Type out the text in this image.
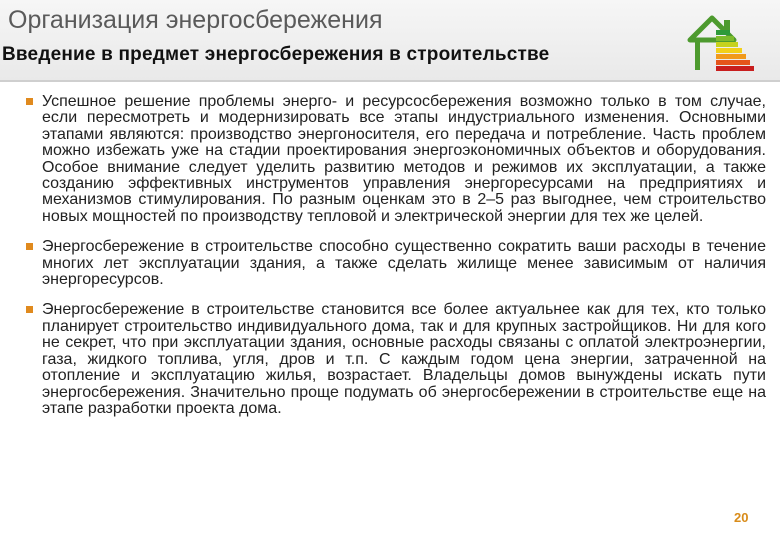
Организация энергосбережения
Введение в предмет энергосбережения в строительстве
Успешное решение проблемы энерго- и ресурсосбережения возможно только в том случае, если пересмотреть и модернизировать все этапы индустриального изменения. Основными этапами являются: производство энергоносителя, его передача и потребление. Часть проблем можно избежать уже на стадии проектирования энергоэкономичных объектов и оборудования. Особое внимание следует уделить развитию методов и режимов их эксплуатации, а также созданию эффективных инструментов управления энергоресурсами на предприятиях и механизмов стимулирования. По разным оценкам это в 2–5 раз выгоднее, чем строительство новых мощностей по производству тепловой и электрической энергии для тех же целей.
Энергосбережение в строительстве способно существенно сократить ваши расходы в течение многих лет эксплуатации здания, а также сделать жилище менее зависимым от наличия энергоресурсов.
Энергосбережение в строительстве становится все более актуальнее как для тех, кто только планирует строительство индивидуального дома, так и для крупных застройщиков. Ни для кого не секрет, что при эксплуатации здания, основные расходы связаны с оплатой электроэнергии, газа, жидкого топлива, угля, дров и т.п. С каждым годом цена энергии, затраченной на отопление и эксплуатацию жилья, возрастает. Владельцы домов вынуждены искать пути энергосбережения. Значительно проще подумать об энергосбережении в строительстве еще на этапе разработки проекта дома.
20
